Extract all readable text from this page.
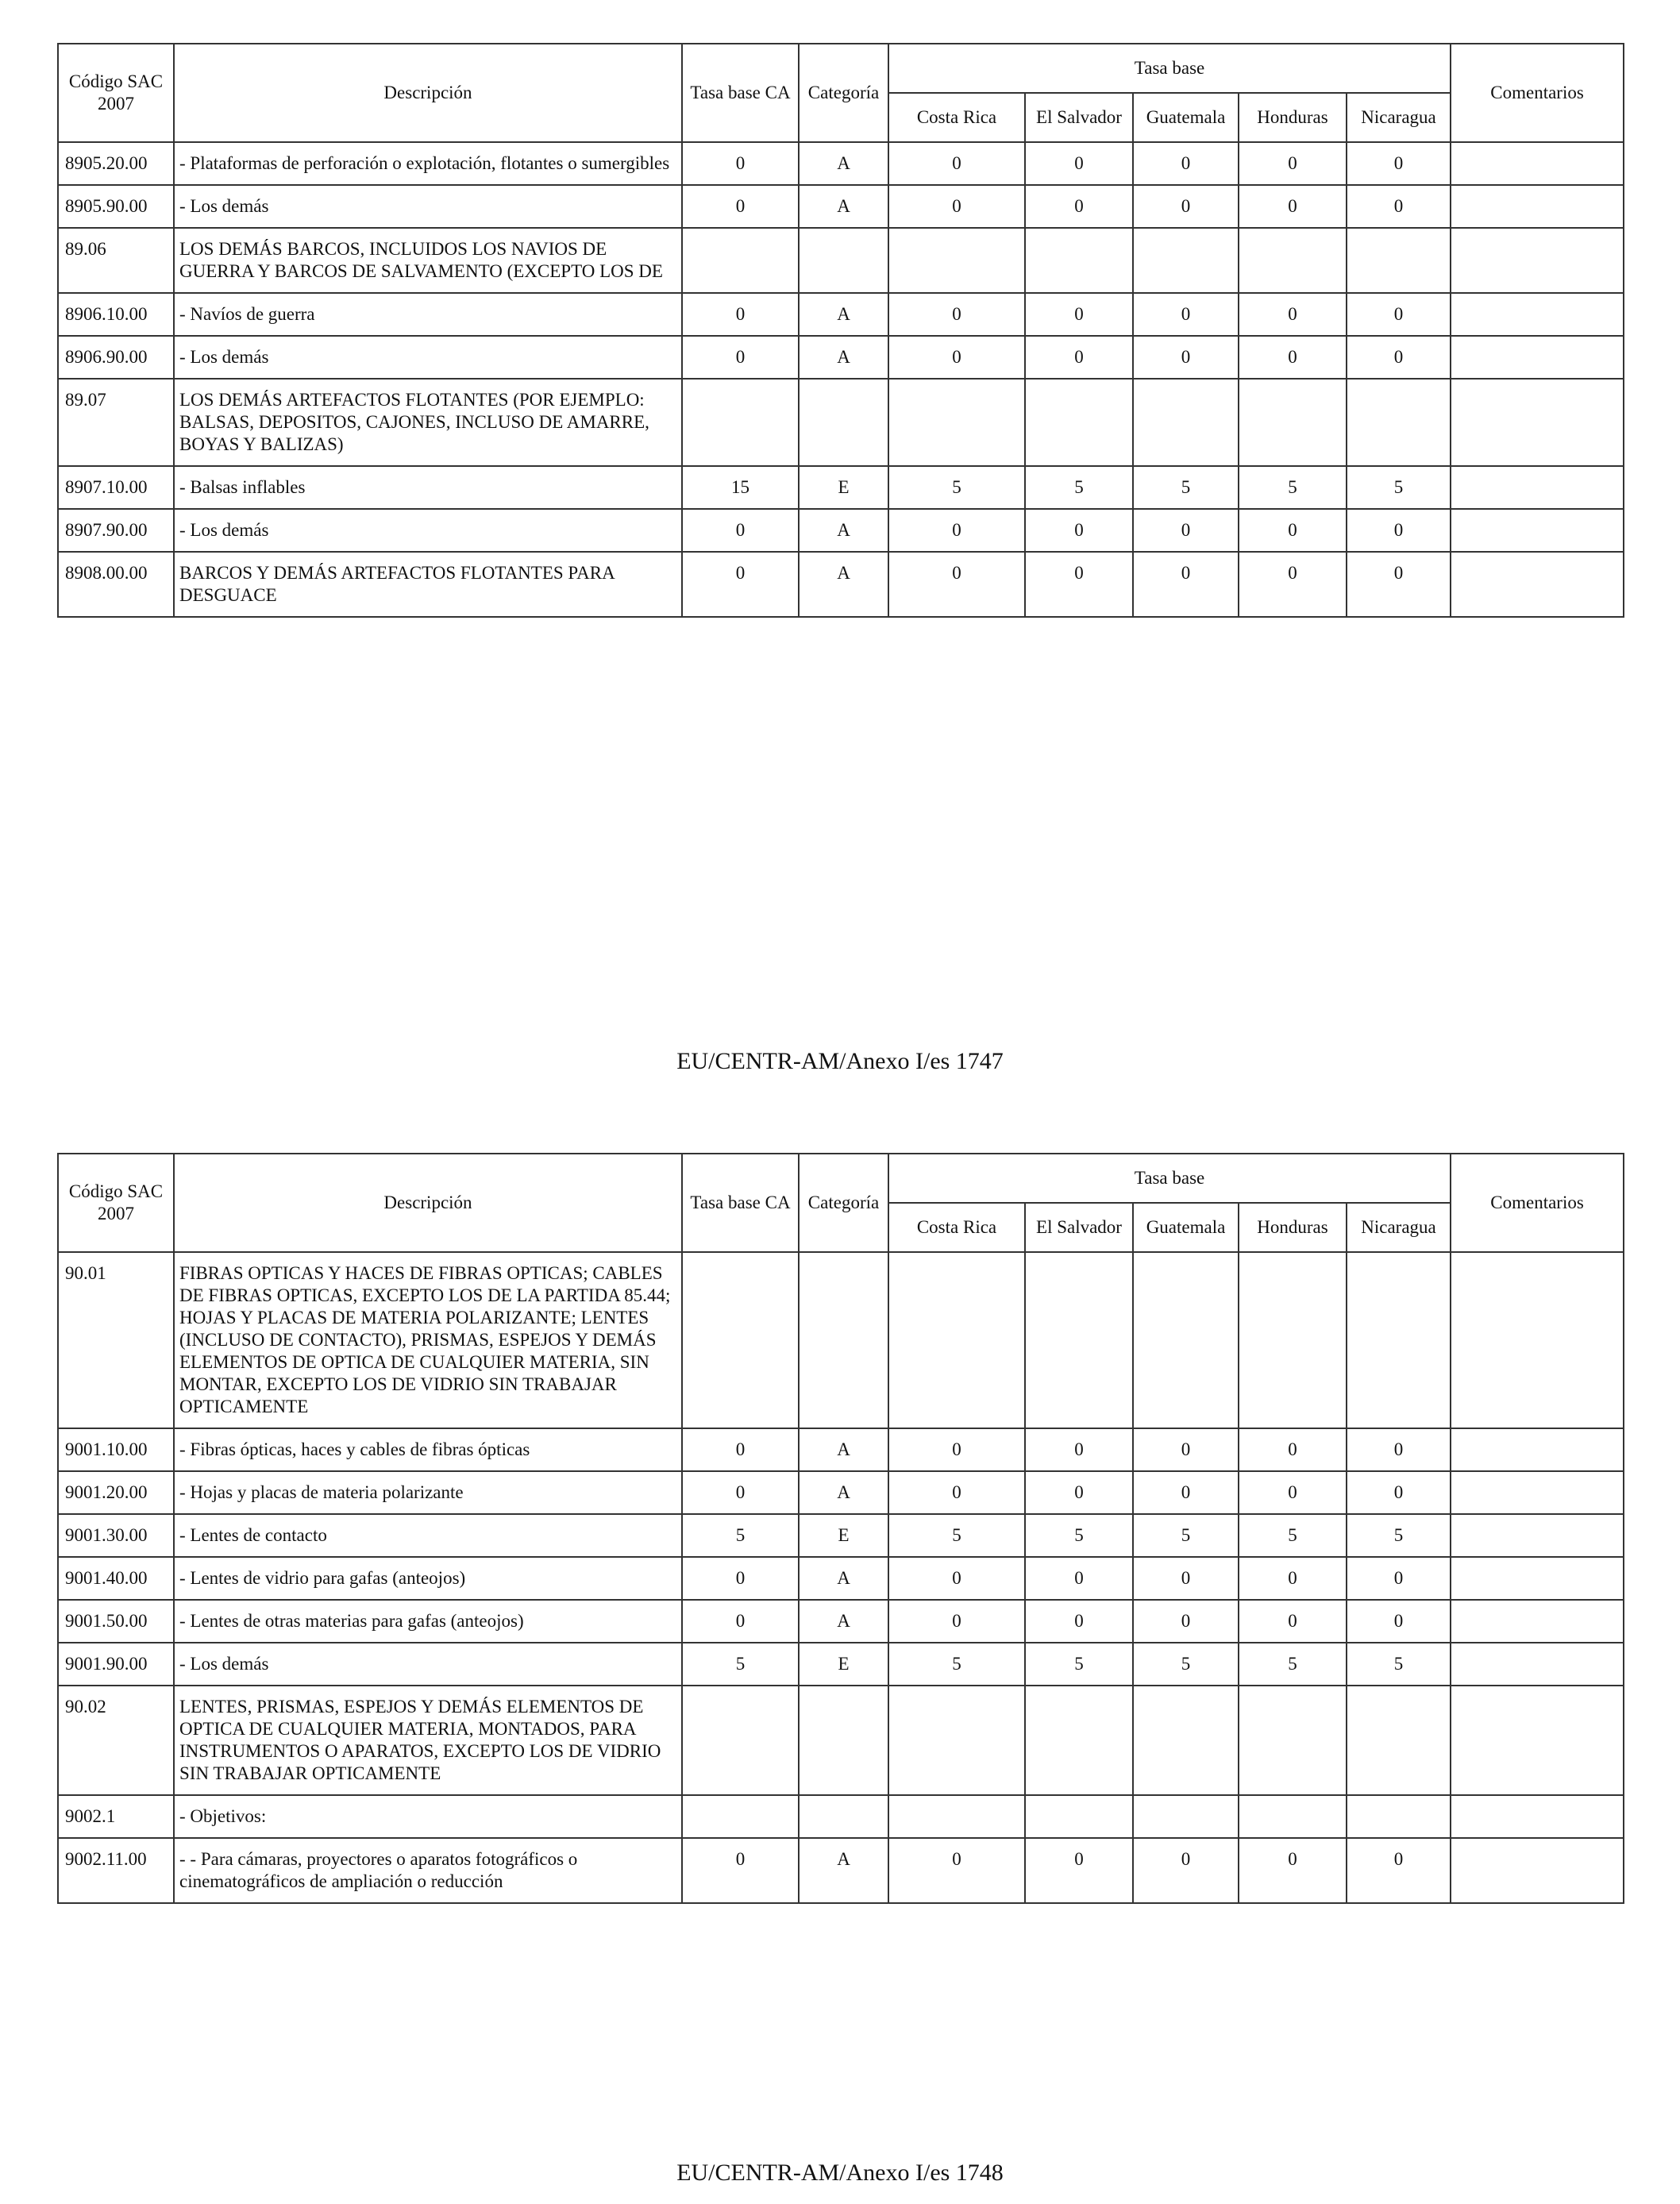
Código SAC 2007	Descripción	Tasa base CA	Categoría	Tasa base					Comentarios
				Costa Rica	El Salvador	Guatemala	Honduras	Nicaragua	
8905.20.00	- Plataformas de perforación o explotación, flotantes o sumergibles	0	A	0	0	0	0	0	
8905.90.00	- Los demás	0	A	0	0	0	0	0	
89.06	LOS DEMÁS BARCOS, INCLUIDOS LOS NAVIOS DE GUERRA Y BARCOS DE SALVAMENTO (EXCEPTO LOS DE								
8906.10.00	- Navíos de guerra	0	A	0	0	0	0	0	
8906.90.00	- Los demás	0	A	0	0	0	0	0	
89.07	LOS DEMÁS ARTEFACTOS FLOTANTES (POR EJEMPLO: BALSAS, DEPOSITOS, CAJONES, INCLUSO DE AMARRE, BOYAS Y BALIZAS)								
8907.10.00	- Balsas inflables	15	E	5	5	5	5	5	
8907.90.00	- Los demás	0	A	0	0	0	0	0	
8908.00.00	BARCOS Y DEMÁS ARTEFACTOS FLOTANTES PARA DESGUACE	0	A	0	0	0	0	0	
EU/CENTR-AM/Anexo I/es 1747
Código SAC 2007	Descripción	Tasa base CA	Categoría	Tasa base					Comentarios
				Costa Rica	El Salvador	Guatemala	Honduras	Nicaragua	
90.01	FIBRAS OPTICAS Y HACES DE FIBRAS OPTICAS; CABLES DE FIBRAS OPTICAS, EXCEPTO LOS DE LA PARTIDA 85.44; HOJAS Y PLACAS DE MATERIA POLARIZANTE; LENTES (INCLUSO DE CONTACTO), PRISMAS, ESPEJOS Y DEMÁS ELEMENTOS DE OPTICA DE CUALQUIER MATERIA, SIN MONTAR, EXCEPTO LOS DE VIDRIO SIN TRABAJAR OPTICAMENTE								
9001.10.00	- Fibras ópticas, haces y cables de fibras ópticas	0	A	0	0	0	0	0	
9001.20.00	- Hojas y placas de materia polarizante	0	A	0	0	0	0	0	
9001.30.00	- Lentes de contacto	5	E	5	5	5	5	5	
9001.40.00	- Lentes de vidrio para gafas (anteojos)	0	A	0	0	0	0	0	
9001.50.00	- Lentes de otras materias para gafas (anteojos)	0	A	0	0	0	0	0	
9001.90.00	- Los demás	5	E	5	5	5	5	5	
90.02	LENTES, PRISMAS, ESPEJOS Y DEMÁS ELEMENTOS DE OPTICA DE CUALQUIER MATERIA, MONTADOS, PARA INSTRUMENTOS O APARATOS, EXCEPTO LOS DE VIDRIO SIN TRABAJAR OPTICAMENTE								
9002.1	- Objetivos:								
9002.11.00	- - Para cámaras, proyectores o aparatos fotográficos o cinematográficos de ampliación o reducción	0	A	0	0	0	0	0	
EU/CENTR-AM/Anexo I/es 1748
